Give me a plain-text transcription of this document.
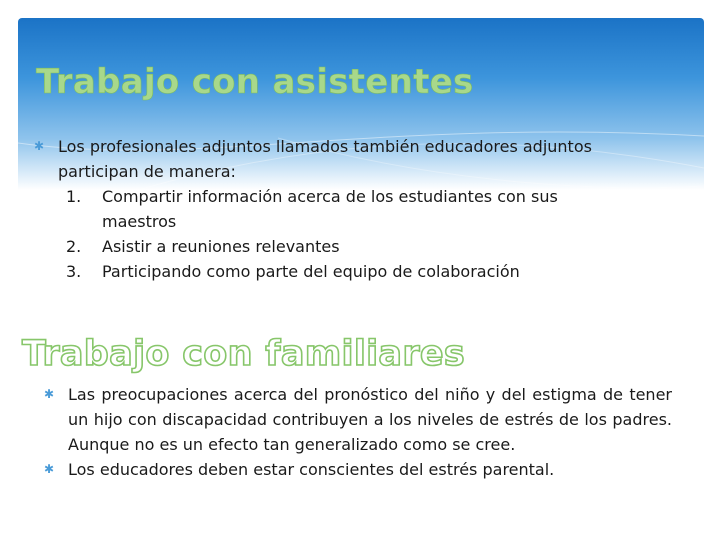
Trabajo con asistentes
✱ Los profesionales adjuntos llamados también educadores adjuntos participan de manera:
1.	Compartir información acerca de los estudiantes con sus maestros
2.	Asistir a reuniones relevantes
3.	Participando como parte del equipo de colaboración
Trabajo con familiares
✱ Las preocupaciones acerca del pronóstico del niño y del estigma de tener un hijo con discapacidad contribuyen a los niveles de estrés de los padres. Aunque no es un efecto tan generalizado como se cree.
✱ Los educadores deben estar conscientes del estrés parental.
